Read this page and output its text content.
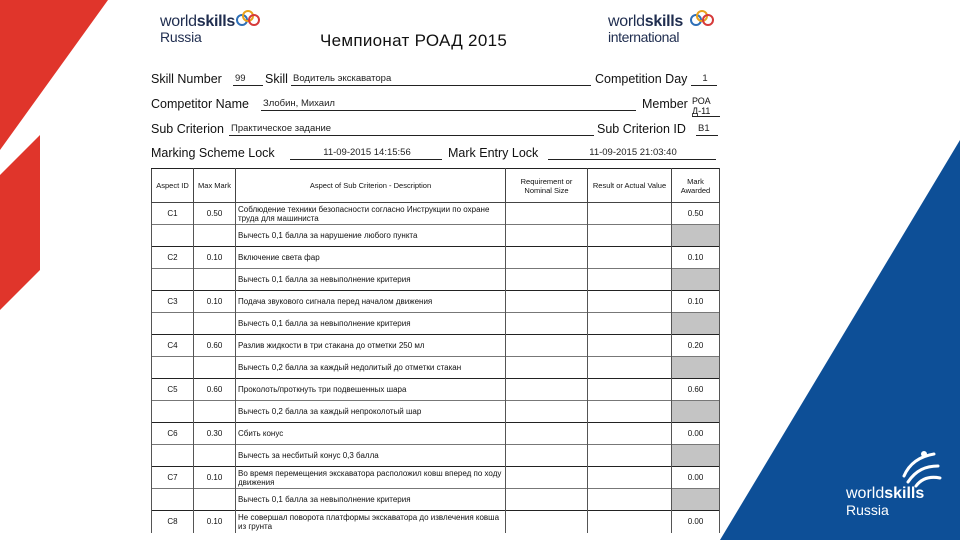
worldskills
Russia
worldskills
Russia
worldskills
international
Чемпионат РОАД 2015
Skill Number 99	Skill Водитель экскаватора	Competition Day	1
Competitor Name Злобин, Михаил	Member РОА
Д-11
Sub Criterion Практическое задание	Sub Criterion ID B1
Marking Scheme Lock	11-09-2015 14:15:56	Mark Entry Lock	11-09-2015 21:03:40
Aspect ID	Max Mark	Aspect of Sub Criterion - Description	Requirement or Nominal Size	Result or Actual Value	Mark Awarded
C1	0.50	Соблюдение техники безопасности согласно Инструкции по охране труда для машиниста			0.50
		Вычесть 0,1 балла за нарушение любого пункта			
C2	0.10	Включение света фар			0.10
		Вычесть 0,1 балла за невыполнение критерия			
C3	0.10	Подача звукового сигнала перед началом движения			0.10
		Вычесть 0,1 балла за невыполнение критерия			
C4	0.60	Разлив жидкости в три стакана до отметки 250 мл			0.20
		Вычесть 0,2 балла за каждый недолитый до отметки стакан			
C5	0.60	Проколоть/проткнуть три подвешенных шара			0.60
		Вычесть 0,2 балла за каждый непроколотый шар			
C6	0.30	Сбить конус			0.00
		Вычесть за несбитый конус 0,3 балла			
C7	0.10	Во время перемещения экскаватора расположил ковш вперед по ходу движения			0.00
		Вычесть 0,1 балла за невыполнение критерия			
C8	0.10	Не совершал поворота платформы экскаватора до извлечения ковша из грунта			0.00
